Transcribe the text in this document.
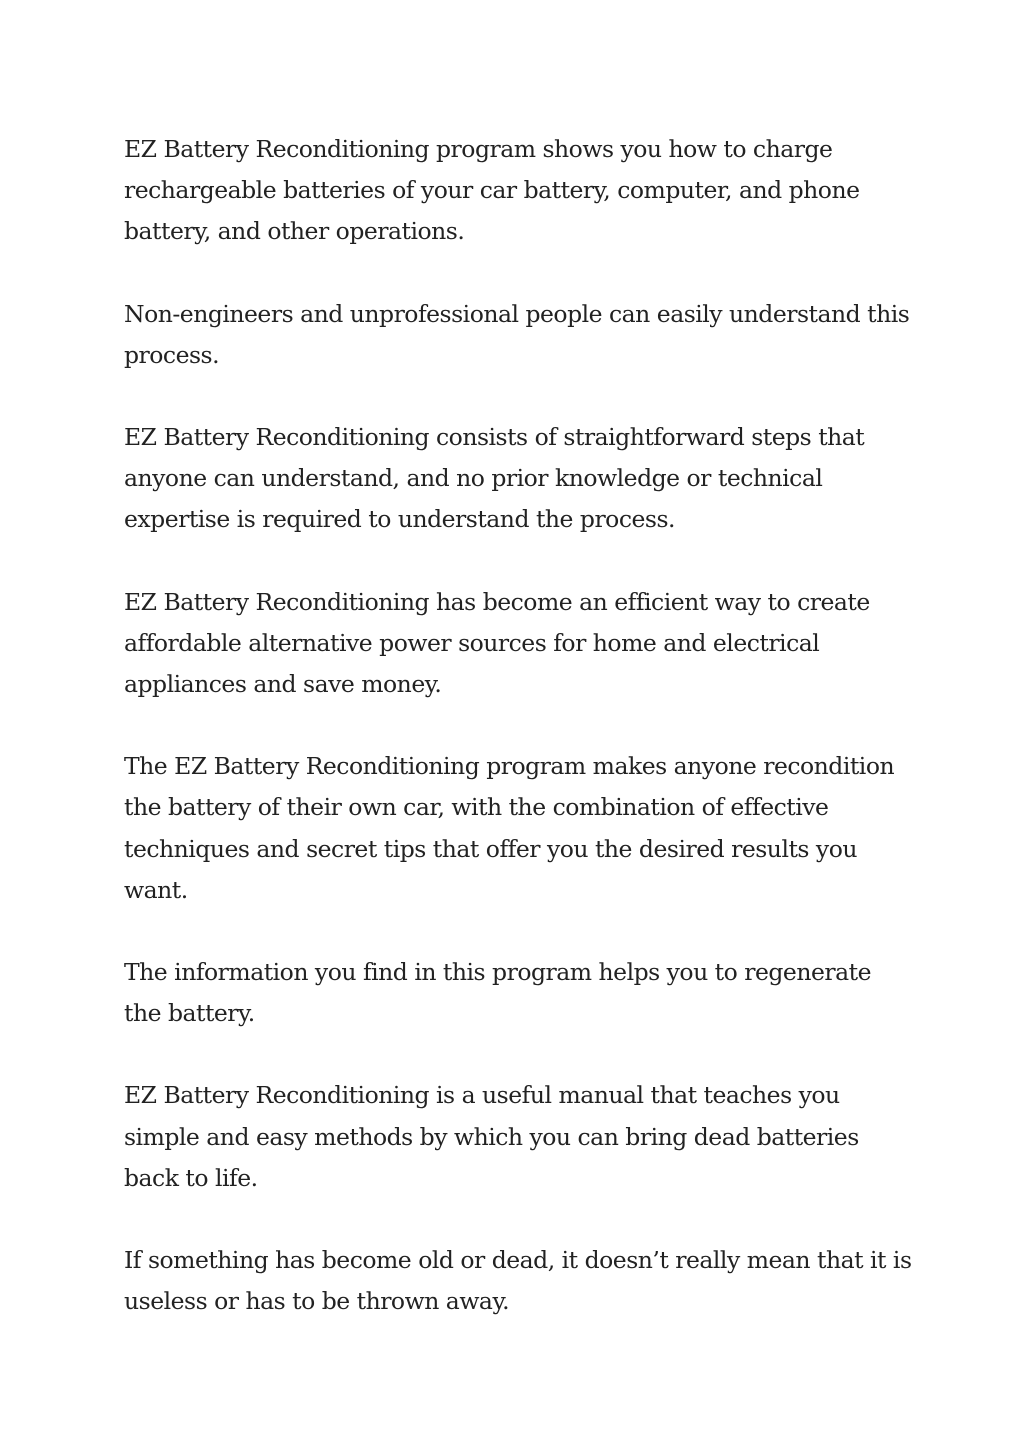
EZ Battery Reconditioning program shows you how to charge rechargeable batteries of your car battery, computer, and phone battery, and other operations.

Non-engineers and unprofessional people can easily understand this process.

EZ Battery Reconditioning consists of straightforward steps that anyone can understand, and no prior knowledge or technical expertise is required to understand the process.

EZ Battery Reconditioning has become an efficient way to create affordable alternative power sources for home and electrical appliances and save money.

The EZ Battery Reconditioning program makes anyone recondition the battery of their own car, with the combination of effective techniques and secret tips that offer you the desired results you want.

The information you find in this program helps you to regenerate the battery.

EZ Battery Reconditioning is a useful manual that teaches you simple and easy methods by which you can bring dead batteries back to life.

If something has become old or dead, it doesn’t really mean that it is useless or has to be thrown away.
